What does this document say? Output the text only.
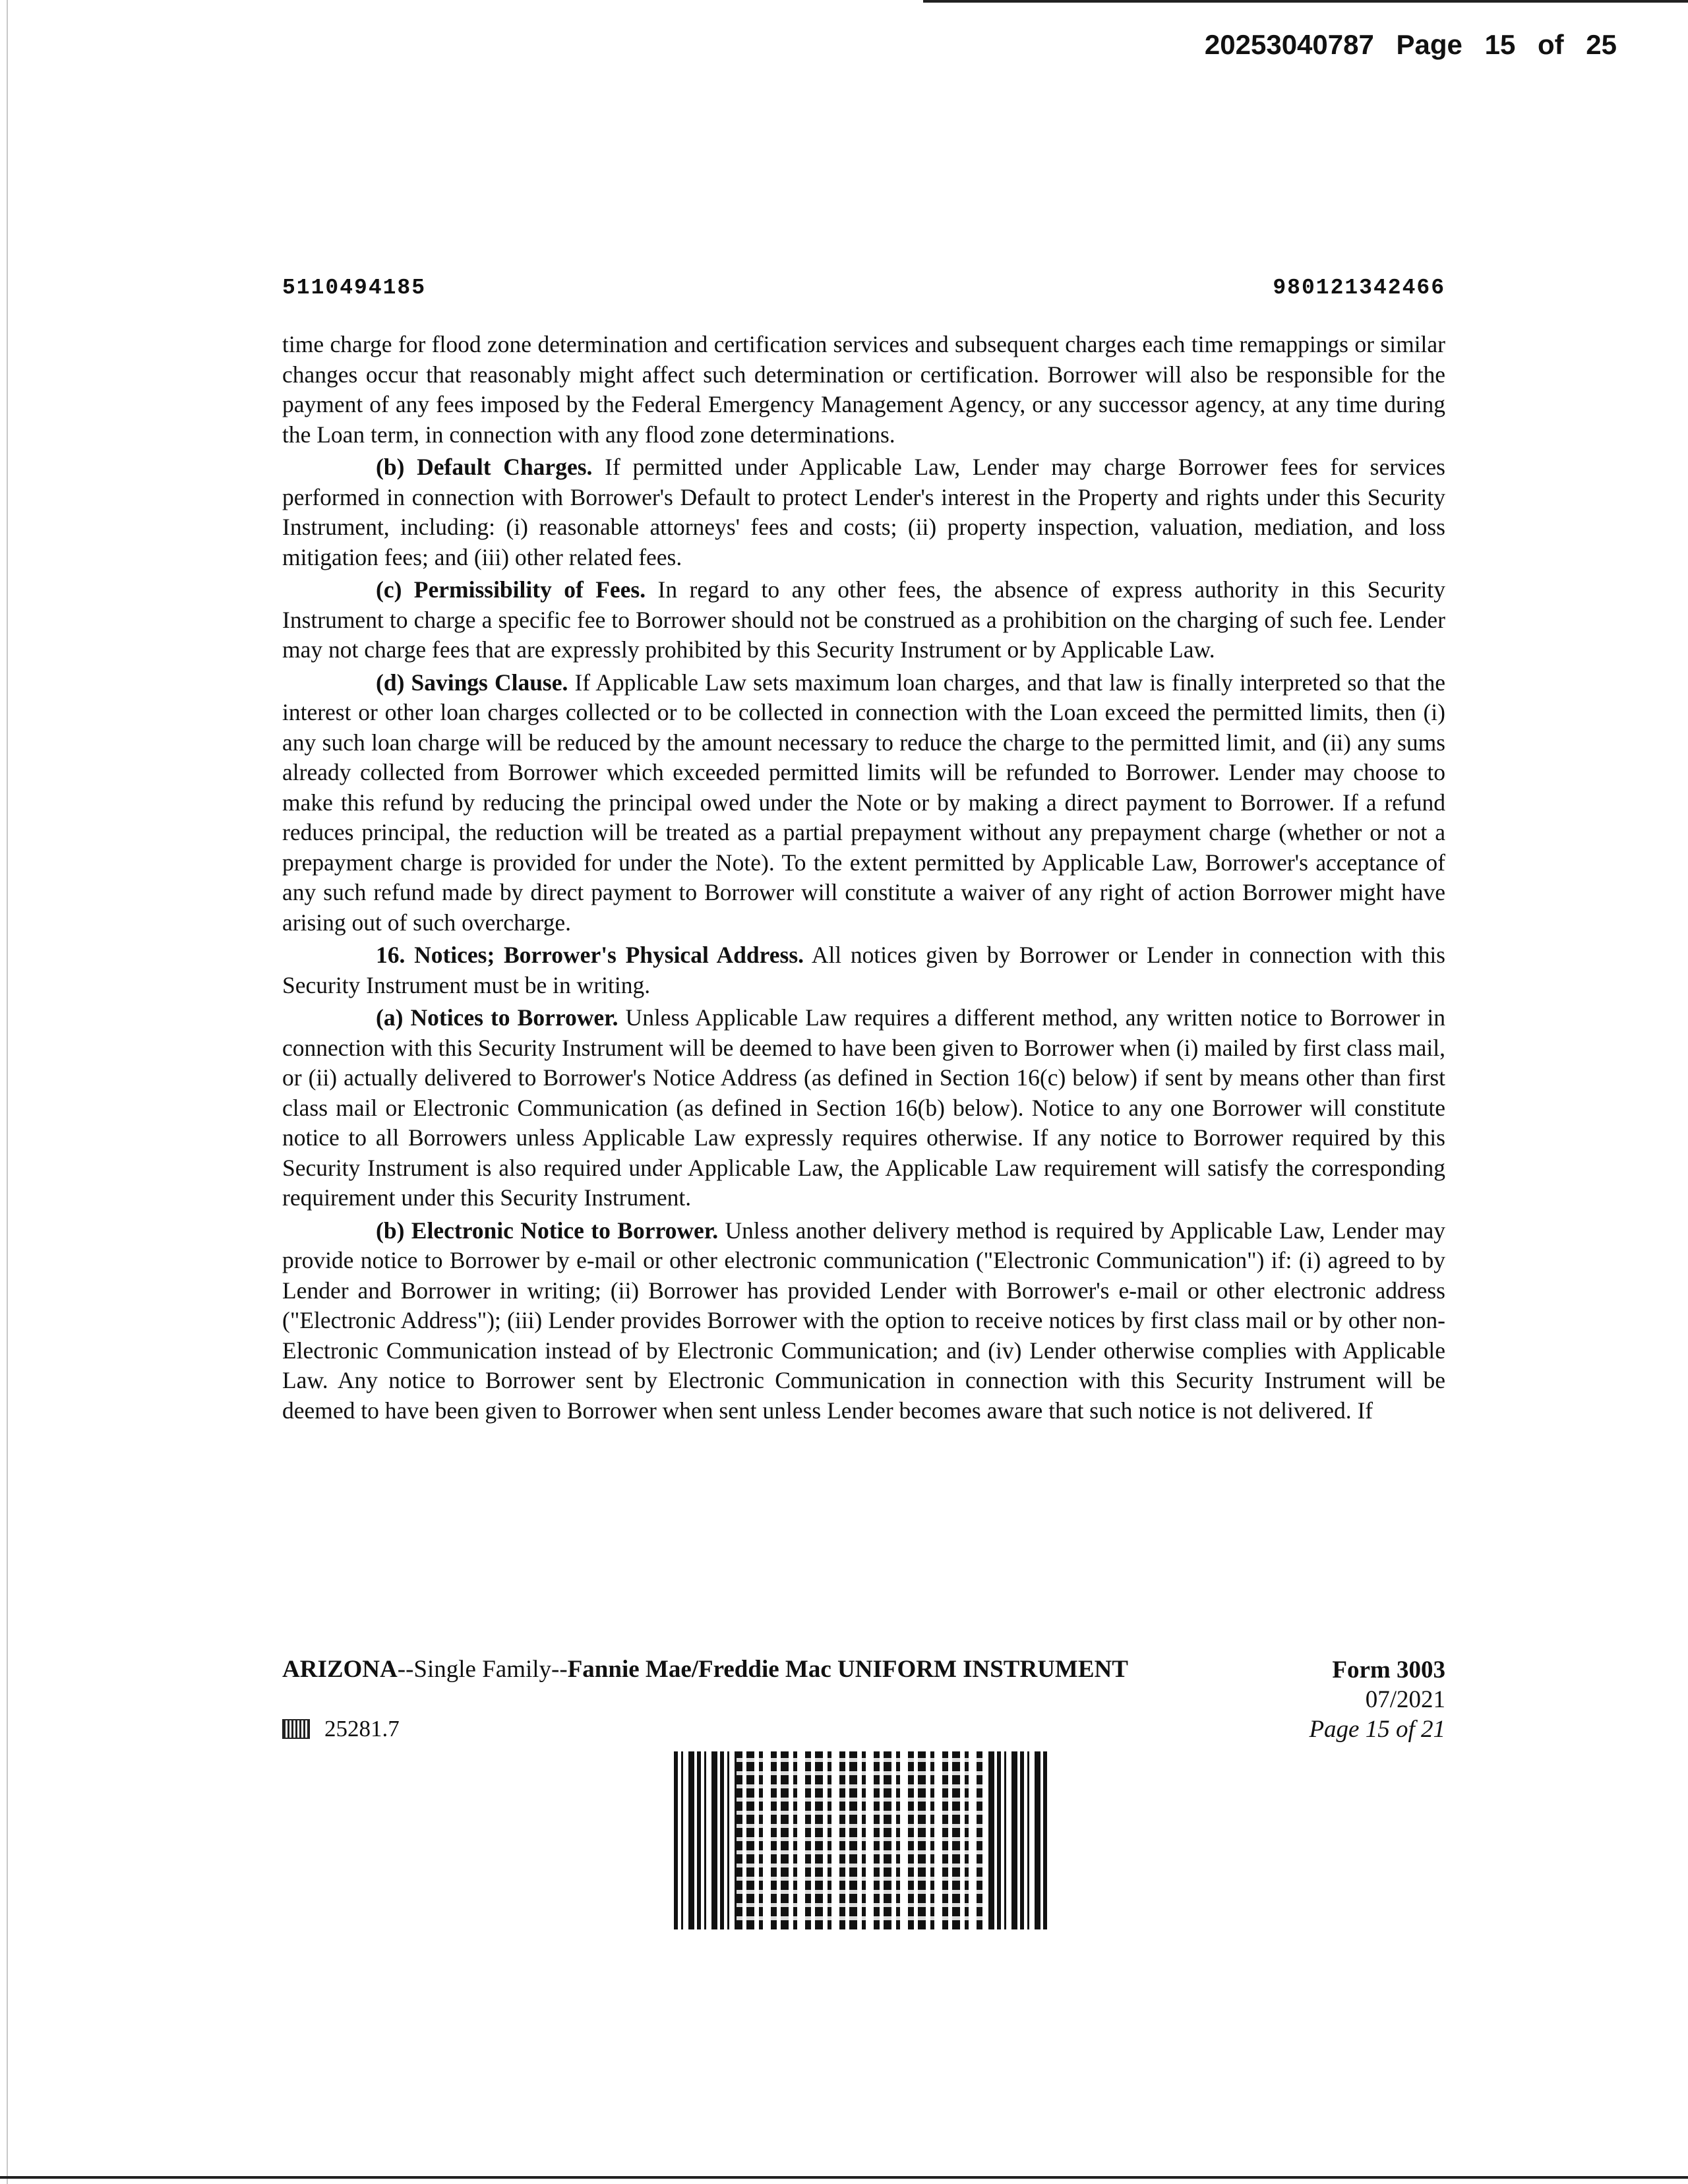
20253040787 Page 15 of 25
5110494185	980121342466

time charge for flood zone determination and certification services and subsequent charges each time remappings or similar changes occur that reasonably might affect such determination or certification. Borrower will also be responsible for the payment of any fees imposed by the Federal Emergency Management Agency, or any successor agency, at any time during the Loan term, in connection with any flood zone determinations.

(b) Default Charges. If permitted under Applicable Law, Lender may charge Borrower fees for services performed in connection with Borrower's Default to protect Lender's interest in the Property and rights under this Security Instrument, including: (i) reasonable attorneys' fees and costs; (ii) property inspection, valuation, mediation, and loss mitigation fees; and (iii) other related fees.

(c) Permissibility of Fees. In regard to any other fees, the absence of express authority in this Security Instrument to charge a specific fee to Borrower should not be construed as a prohibition on the charging of such fee. Lender may not charge fees that are expressly prohibited by this Security Instrument or by Applicable Law.

(d) Savings Clause. If Applicable Law sets maximum loan charges, and that law is finally interpreted so that the interest or other loan charges collected or to be collected in connection with the Loan exceed the permitted limits, then (i) any such loan charge will be reduced by the amount necessary to reduce the charge to the permitted limit, and (ii) any sums already collected from Borrower which exceeded permitted limits will be refunded to Borrower. Lender may choose to make this refund by reducing the principal owed under the Note or by making a direct payment to Borrower. If a refund reduces principal, the reduction will be treated as a partial prepayment without any prepayment charge (whether or not a prepayment charge is provided for under the Note). To the extent permitted by Applicable Law, Borrower's acceptance of any such refund made by direct payment to Borrower will constitute a waiver of any right of action Borrower might have arising out of such overcharge.

16. Notices; Borrower's Physical Address. All notices given by Borrower or Lender in connection with this Security Instrument must be in writing.

(a) Notices to Borrower. Unless Applicable Law requires a different method, any written notice to Borrower in connection with this Security Instrument will be deemed to have been given to Borrower when (i) mailed by first class mail, or (ii) actually delivered to Borrower's Notice Address (as defined in Section 16(c) below) if sent by means other than first class mail or Electronic Communication (as defined in Section 16(b) below). Notice to any one Borrower will constitute notice to all Borrowers unless Applicable Law expressly requires otherwise. If any notice to Borrower required by this Security Instrument is also required under Applicable Law, the Applicable Law requirement will satisfy the corresponding requirement under this Security Instrument.

(b) Electronic Notice to Borrower. Unless another delivery method is required by Applicable Law, Lender may provide notice to Borrower by e-mail or other electronic communication ("Electronic Communication") if: (i) agreed to by Lender and Borrower in writing; (ii) Borrower has provided Lender with Borrower's e-mail or other electronic address ("Electronic Address"); (iii) Lender provides Borrower with the option to receive notices by first class mail or by other non-Electronic Communication instead of by Electronic Communication; and (iv) Lender otherwise complies with Applicable Law. Any notice to Borrower sent by Electronic Communication in connection with this Security Instrument will be deemed to have been given to Borrower when sent unless Lender becomes aware that such notice is not delivered. If

ARIZONA--Single Family--Fannie Mae/Freddie Mac UNIFORM INSTRUMENT
25281.7
Form 3003
07/2021
Page 15 of 21
